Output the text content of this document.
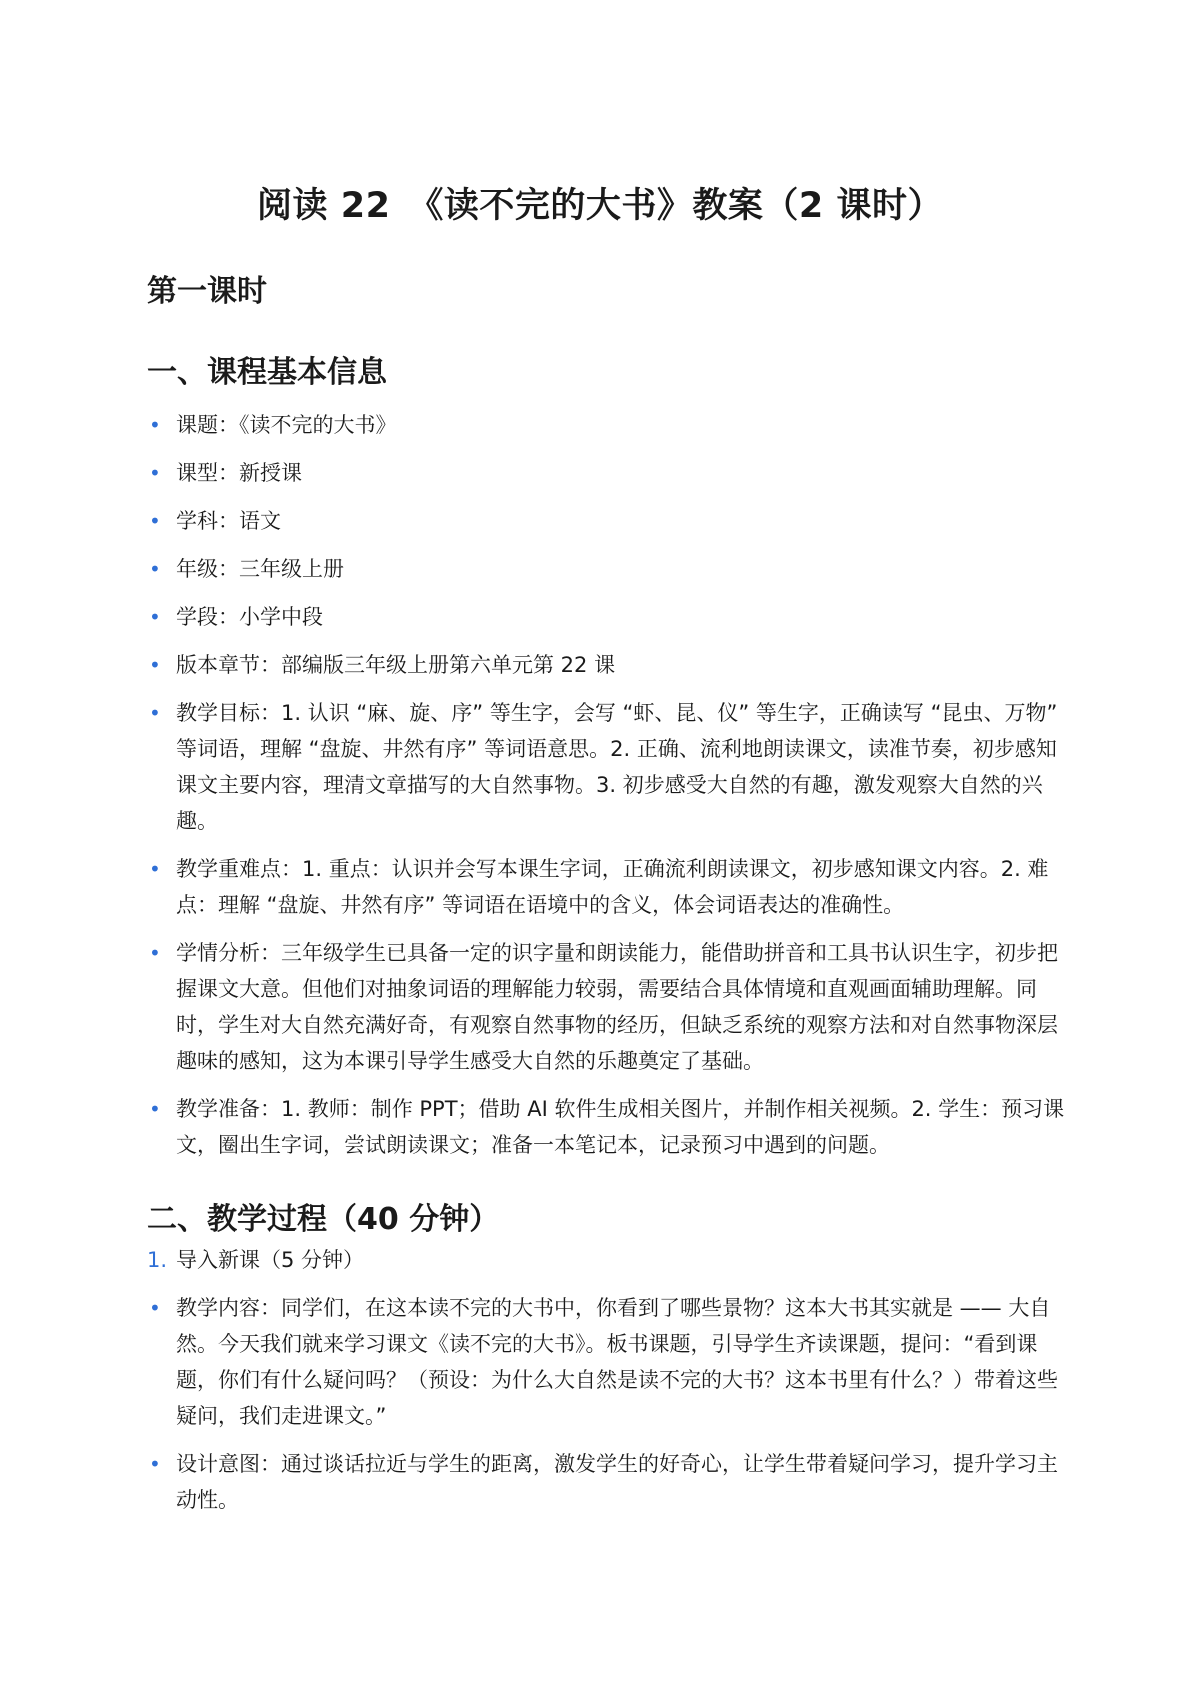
阅读 22　《读不完的大书》教案（2 课时）
第一课时
一、课程基本信息
• 课题：《读不完的大书》
• 课型：新授课
• 学科：语文
• 年级：三年级上册
• 学段：小学中段
• 版本章节：部编版三年级上册第六单元第 22 课
• 教学目标：1. 认识 “麻、旋、序” 等生字，会写 “虾、昆、仪” 等生字，正确读写 “昆虫、万物” 等词语，理解 “盘旋、井然有序” 等词语意思。2. 正确、流利地朗读课文，读准节奏，初步感知课文主要内容，理清文章描写的大自然事物。3. 初步感受大自然的有趣，激发观察大自然的兴趣。
• 教学重难点：1. 重点：认识并会写本课生字词，正确流利朗读课文，初步感知课文内容。2. 难点：理解 “盘旋、井然有序” 等词语在语境中的含义，体会词语表达的准确性。
• 学情分析：三年级学生已具备一定的识字量和朗读能力，能借助拼音和工具书认识生字，初步把握课文大意。但他们对抽象词语的理解能力较弱，需要结合具体情境和直观画面辅助理解。同时，学生对大自然充满好奇，有观察自然事物的经历，但缺乏系统的观察方法和对自然事物深层趣味的感知，这为本课引导学生感受大自然的乐趣奠定了基础。
• 教学准备：1. 教师：制作 PPT；借助 AI 软件生成相关图片，并制作相关视频。2. 学生：预习课文，圈出生字词，尝试朗读课文；准备一本笔记本，记录预习中遇到的问题。
二、教学过程（40 分钟）
1. 导入新课（5 分钟）
• 教学内容：同学们，在这本读不完的大书中，你看到了哪些景物？这本大书其实就是 —— 大自然。今天我们就来学习课文《读不完的大书》。板书课题，引导学生齐读课题，提问：“看到课题，你们有什么疑问吗？（预设：为什么大自然是读不完的大书？这本书里有什么？）带着这些疑问，我们走进课文。”
• 设计意图：通过谈话拉近与学生的距离，激发学生的好奇心，让学生带着疑问学习，提升学习主动性。
